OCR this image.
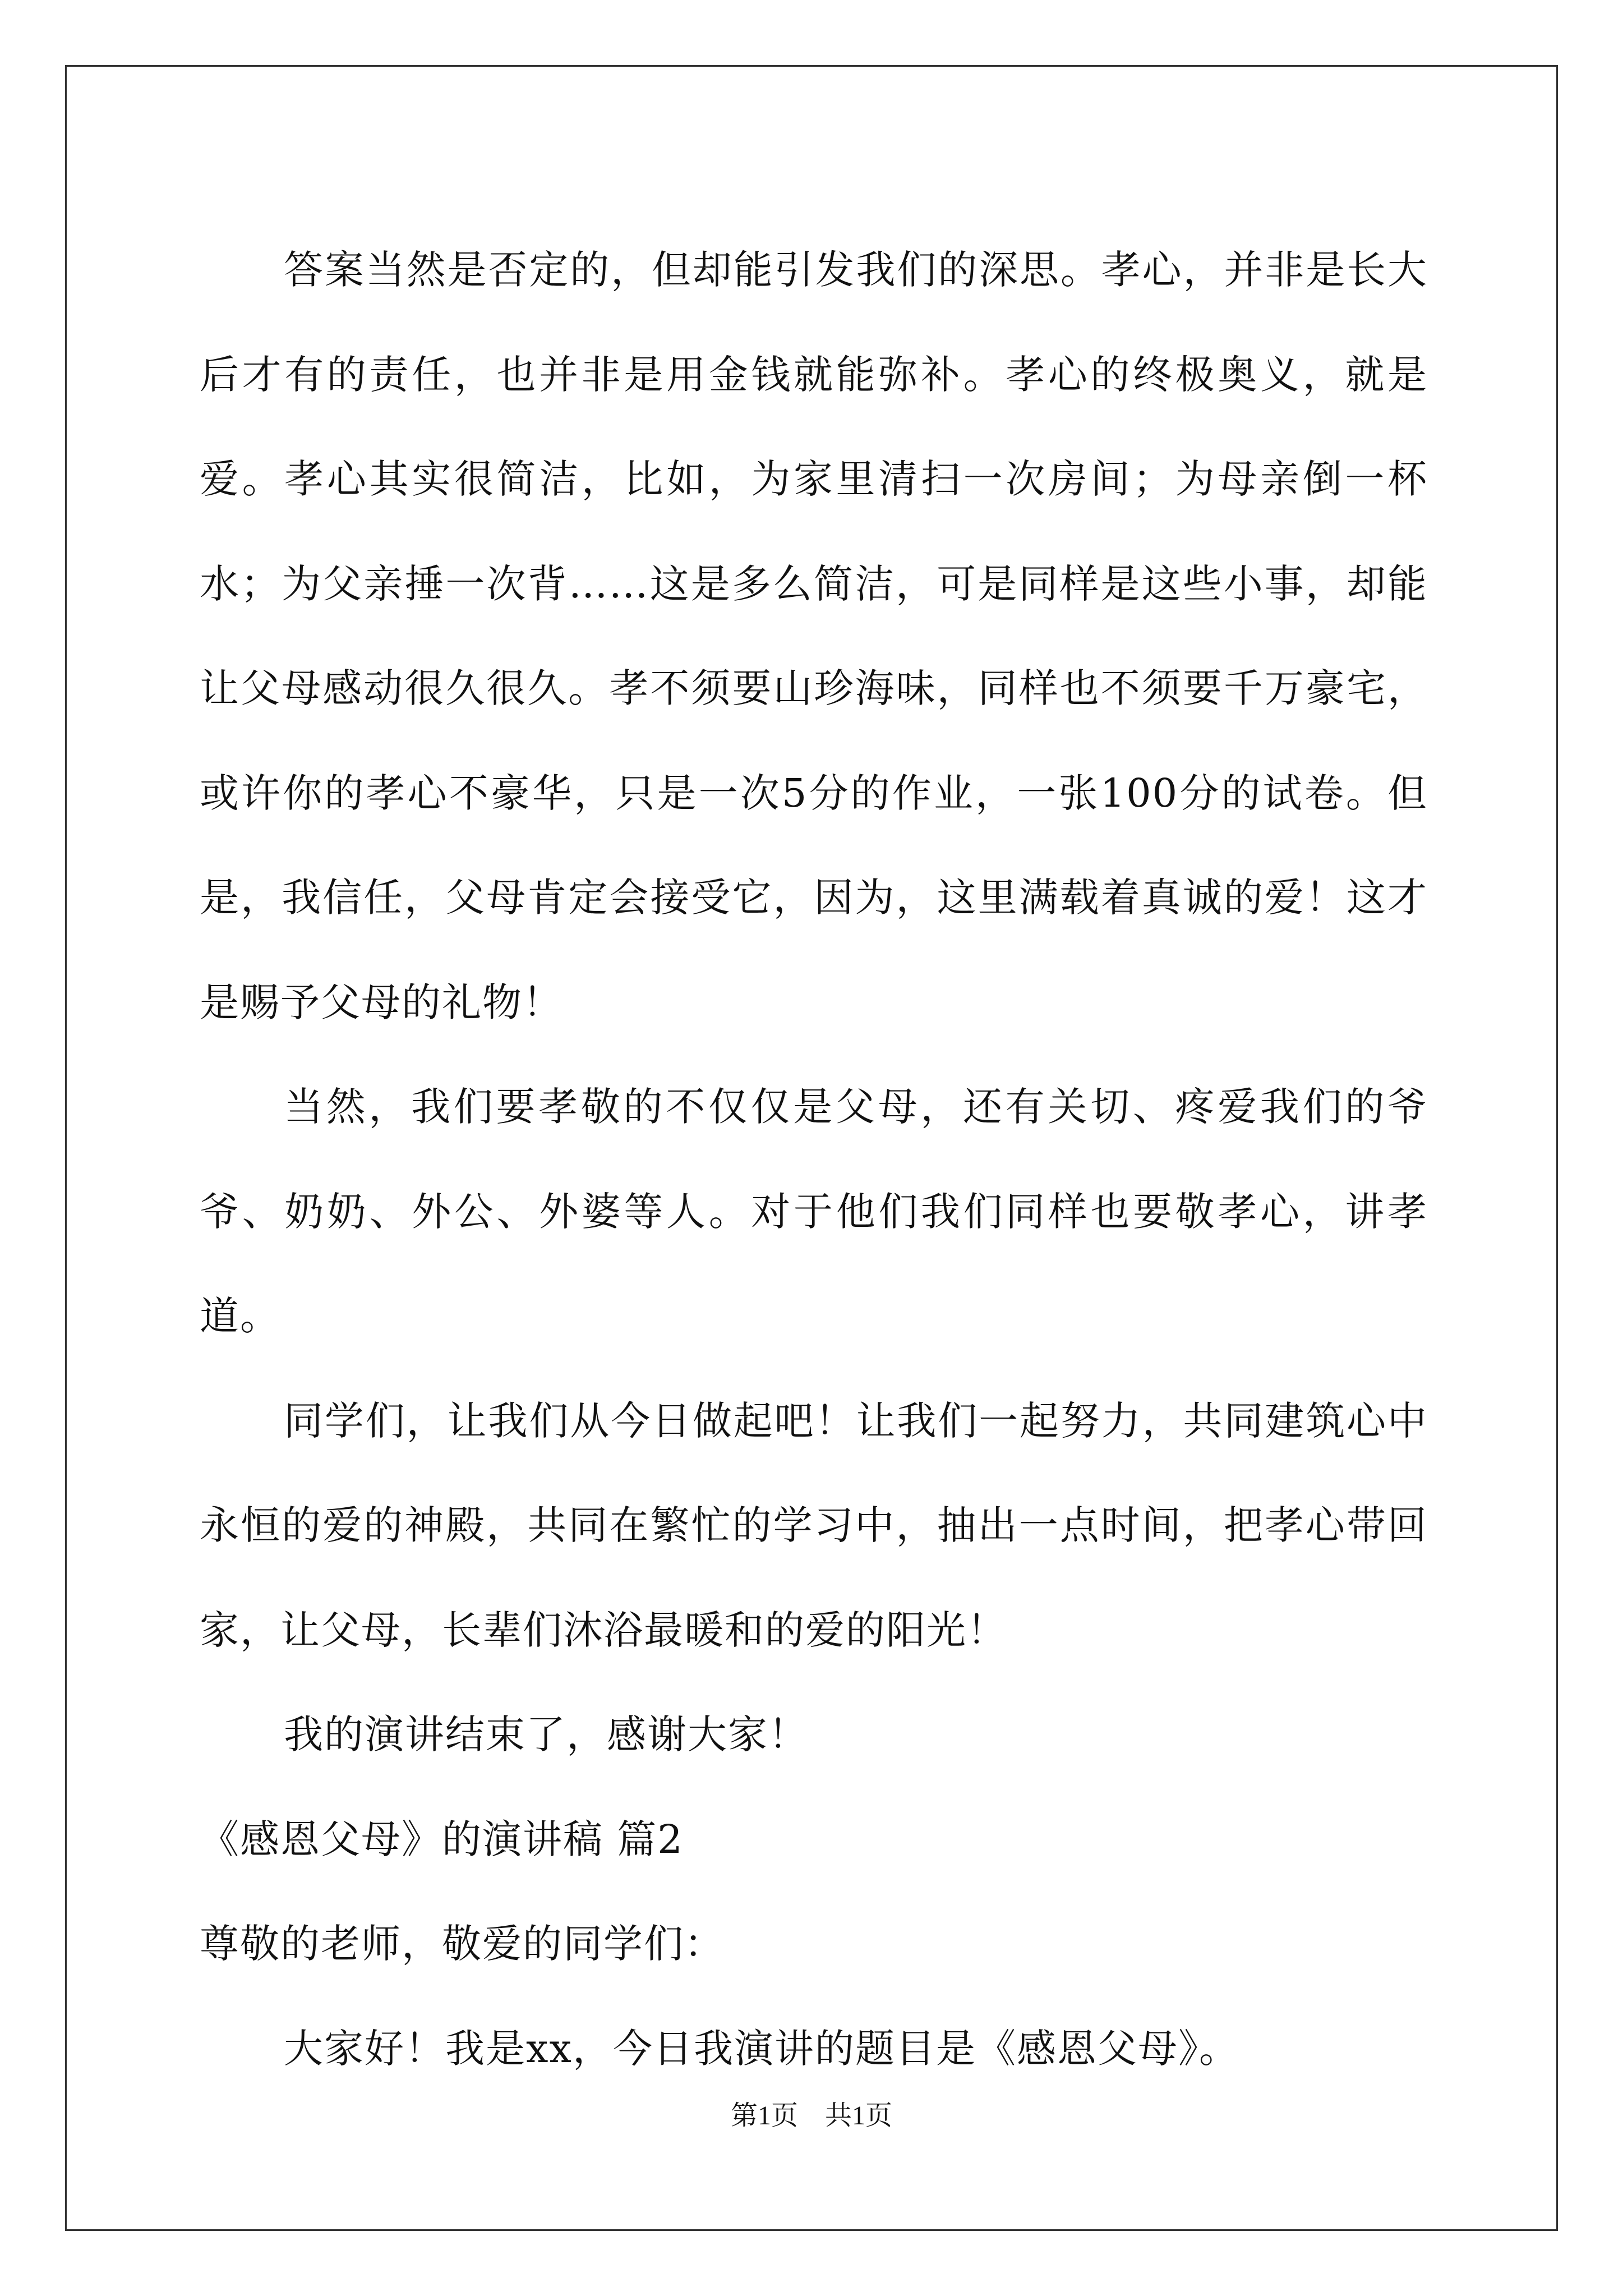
答案当然是否定的，但却能引发我们的深思。孝心，并非是长大后才有的责任，也并非是用金钱就能弥补。孝心的终极奥义，就是爱。孝心其实很简洁，比如，为家里清扫一次房间；为母亲倒一杯水；为父亲捶一次背……这是多么简洁，可是同样是这些小事，却能让父母感动很久很久。孝不须要山珍海味，同样也不须要千万豪宅，或许你的孝心不豪华，只是一次5分的作业，一张100分的试卷。但是，我信任，父母肯定会接受它，因为，这里满载着真诚的爱！这才是赐予父母的礼物！

当然，我们要孝敬的不仅仅是父母，还有关切、疼爱我们的爷爷、奶奶、外公、外婆等人。对于他们我们同样也要敬孝心，讲孝道。

同学们，让我们从今日做起吧！让我们一起努力，共同建筑心中永恒的爱的神殿，共同在繁忙的学习中，抽出一点时间，把孝心带回家，让父母，长辈们沐浴最暖和的爱的阳光！

我的演讲结束了，感谢大家！

《感恩父母》的演讲稿 篇2

尊敬的老师，敬爱的同学们：

大家好！我是xx，今日我演讲的题目是《感恩父母》。

第1页 共1页
